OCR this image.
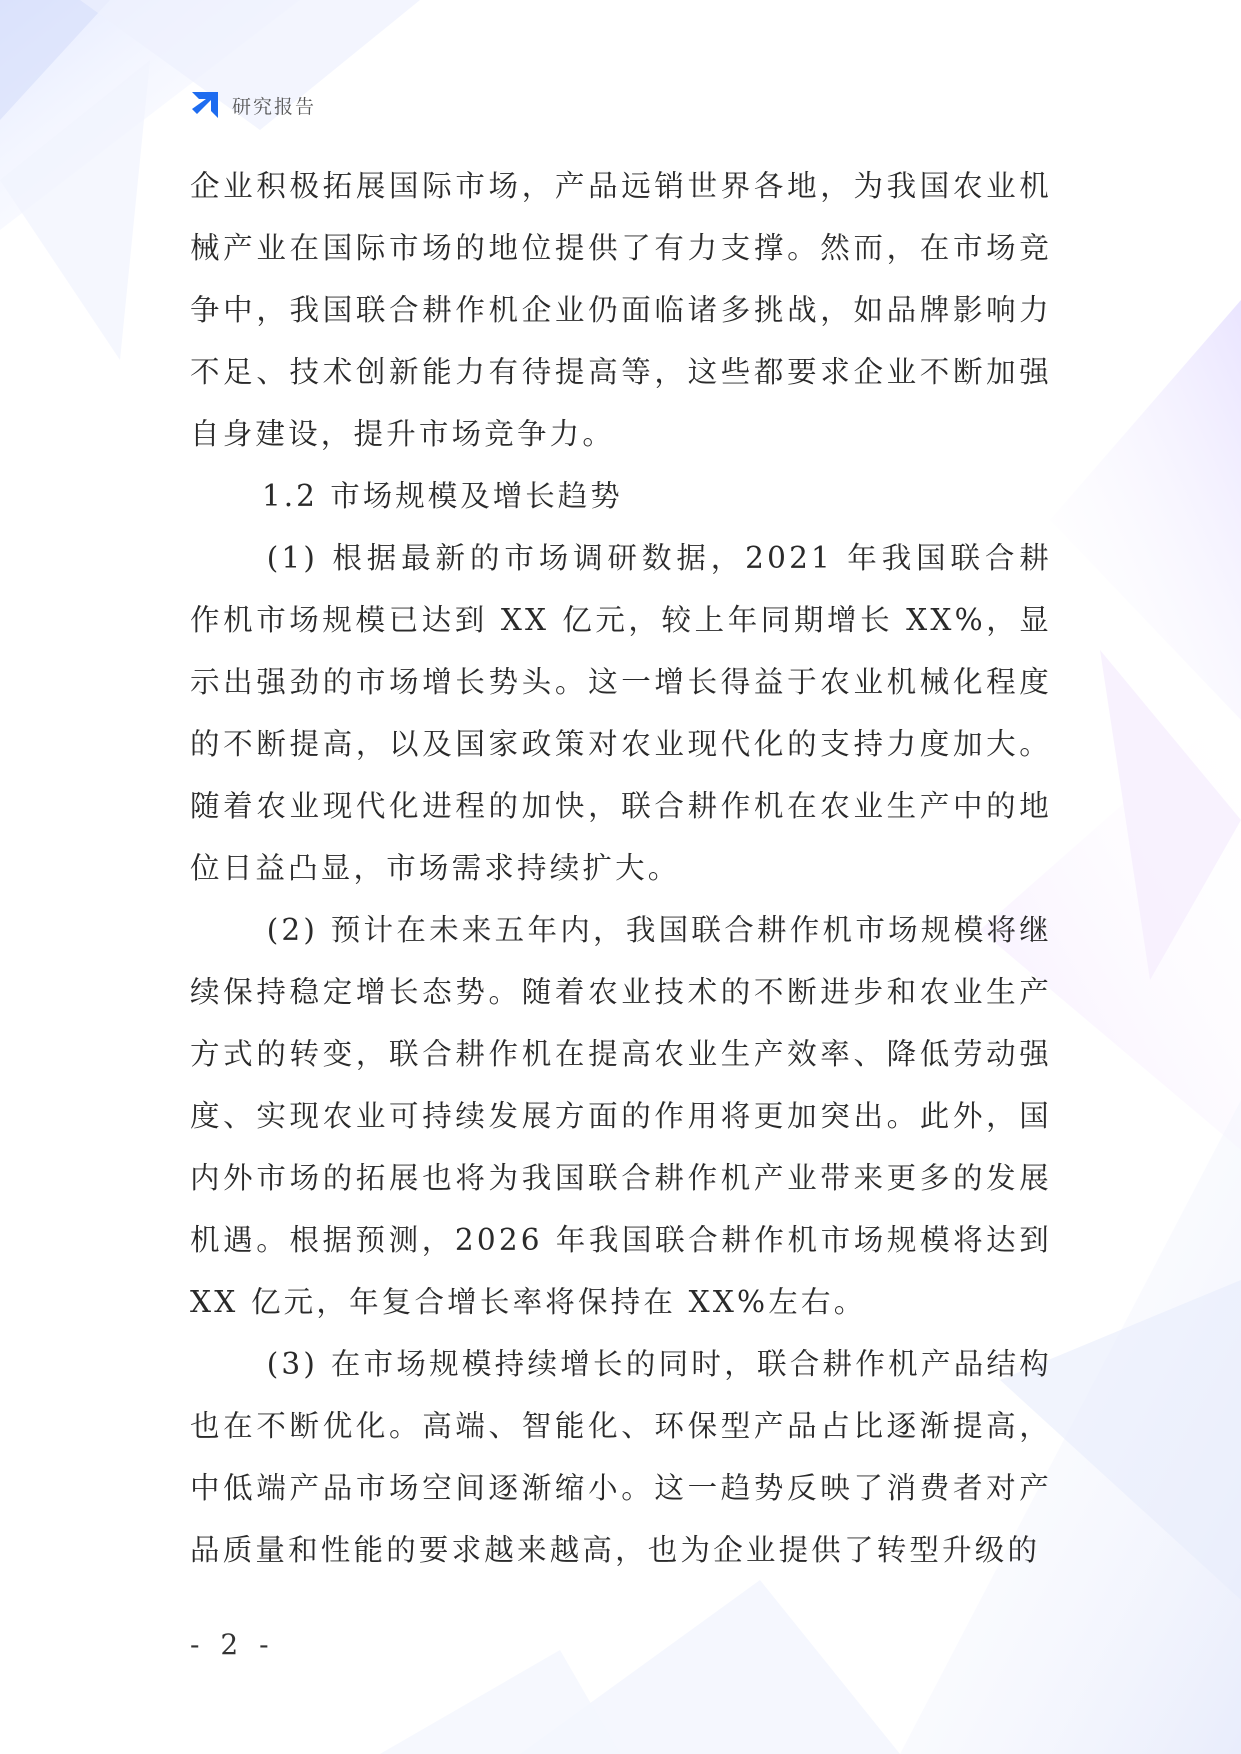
研究报告

企业积极拓展国际市场，产品远销世界各地，为我国农业机械产业在国际市场的地位提供了有力支撑。然而，在市场竞争中，我国联合耕作机企业仍面临诸多挑战，如品牌影响力不足、技术创新能力有待提高等，这些都要求企业不断加强自身建设，提升市场竞争力。

1.2 市场规模及增长趋势

(1) 根据最新的市场调研数据，2021 年我国联合耕作机市场规模已达到 XX 亿元，较上年同期增长 XX%，显示出强劲的市场增长势头。这一增长得益于农业机械化程度的不断提高，以及国家政策对农业现代化的支持力度加大。随着农业现代化进程的加快，联合耕作机在农业生产中的地位日益凸显，市场需求持续扩大。

(2) 预计在未来五年内，我国联合耕作机市场规模将继续保持稳定增长态势。随着农业技术的不断进步和农业生产方式的转变，联合耕作机在提高农业生产效率、降低劳动强度、实现农业可持续发展方面的作用将更加突出。此外，国内外市场的拓展也将为我国联合耕作机产业带来更多的发展机遇。根据预测，2026 年我国联合耕作机市场规模将达到 XX 亿元，年复合增长率将保持在 XX%左右。

(3) 在市场规模持续增长的同时，联合耕作机产品结构也在不断优化。高端、智能化、环保型产品占比逐渐提高，中低端产品市场空间逐渐缩小。这一趋势反映了消费者对产品质量和性能的要求越来越高，也为企业提供了转型升级的

- 2 -
